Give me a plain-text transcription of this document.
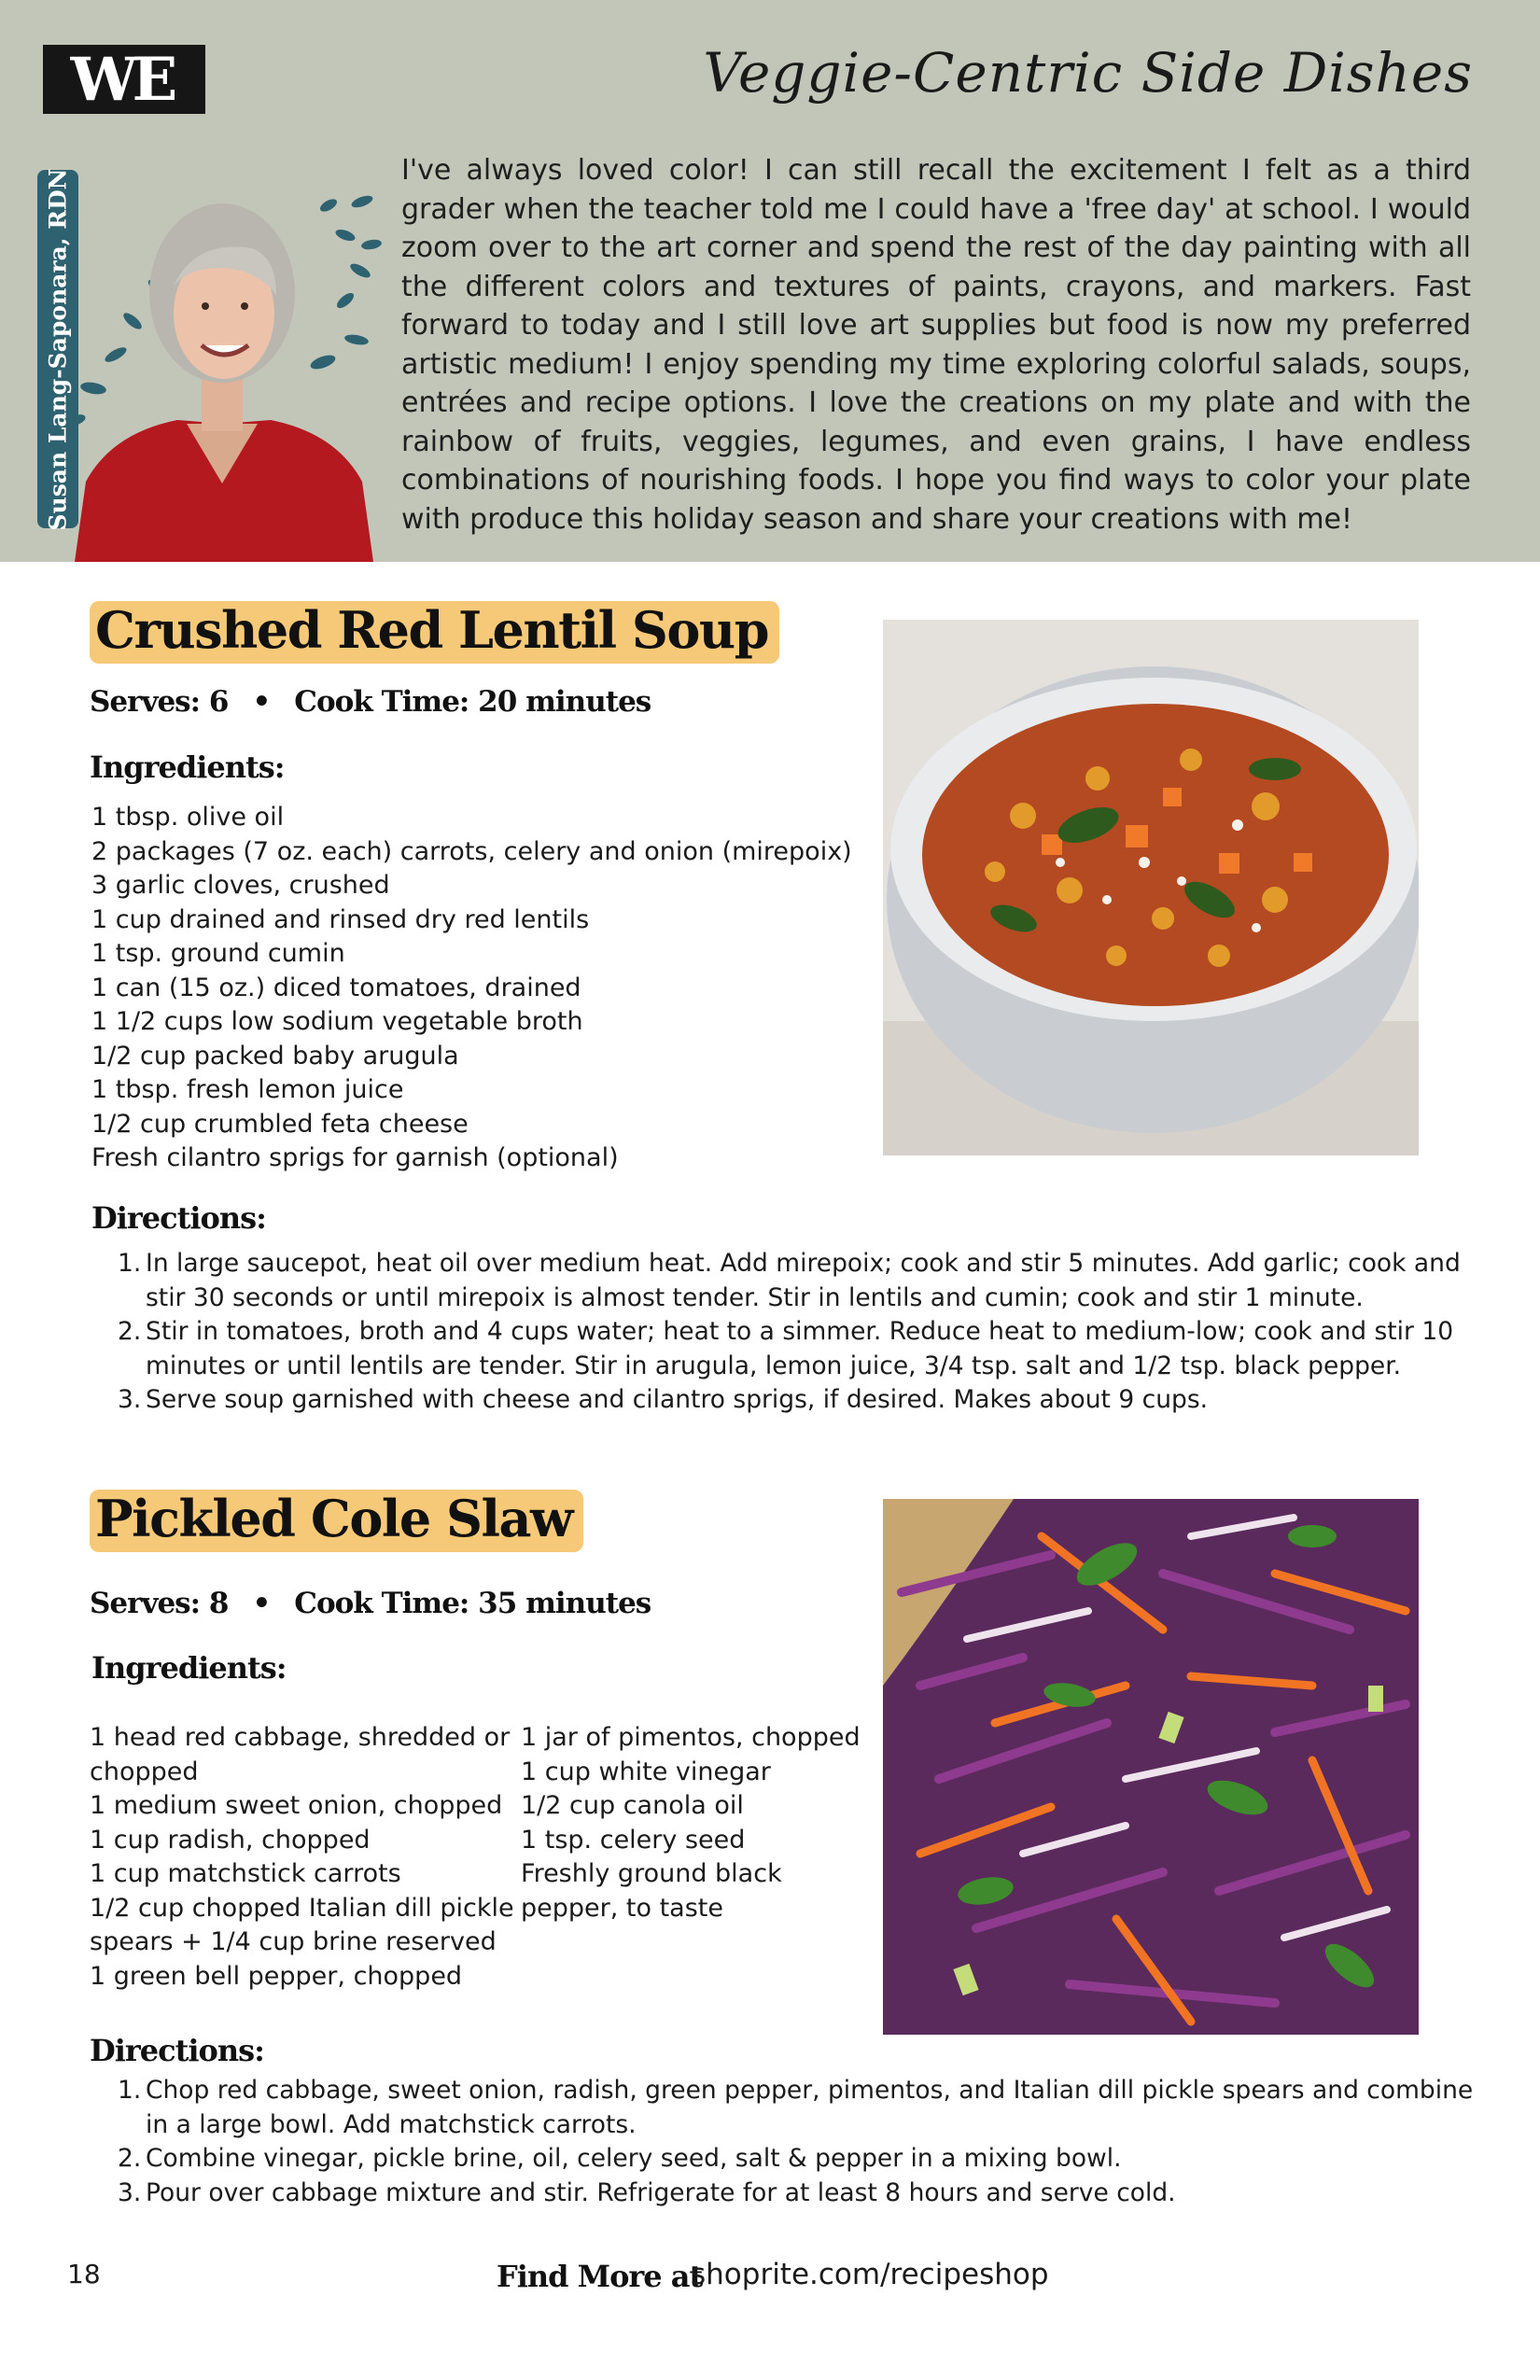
WE	Veggie-Centric Side Dishes
Susan Lang-Saponara, RDN	I've always loved color! I can still recall the excitement I felt as a third grader when the teacher told me I could have a 'free day' at school. I would zoom over to the art corner and spend the rest of the day painting with all the different colors and textures of paints, crayons, and markers. Fast forward to today and I still love art supplies but food is now my preferred artistic medium! I enjoy spending my time exploring colorful salads, soups, entrées and recipe options. I love the creations on my plate and with the rainbow of fruits, veggies, legumes, and even grains, I have endless combinations of nourishing foods. I hope you find ways to color your plate with produce this holiday season and share your creations with me!

Crushed Red Lentil Soup
Serves: 6 • Cook Time: 20 minutes
Ingredients:
1 tbsp. olive oil
2 packages (7 oz. each) carrots, celery and onion (mirepoix)
3 garlic cloves, crushed
1 cup drained and rinsed dry red lentils
1 tsp. ground cumin
1 can (15 oz.) diced tomatoes, drained
1 1/2 cups low sodium vegetable broth
1/2 cup packed baby arugula
1 tbsp. fresh lemon juice
1/2 cup crumbled feta cheese
Fresh cilantro sprigs for garnish (optional)
Directions:
1. In large saucepot, heat oil over medium heat. Add mirepoix; cook and stir 5 minutes. Add garlic; cook and stir 30 seconds or until mirepoix is almost tender. Stir in lentils and cumin; cook and stir 1 minute.
2. Stir in tomatoes, broth and 4 cups water; heat to a simmer. Reduce heat to medium-low; cook and stir 10 minutes or until lentils are tender. Stir in arugula, lemon juice, 3/4 tsp. salt and 1/2 tsp. black pepper.
3. Serve soup garnished with cheese and cilantro sprigs, if desired. Makes about 9 cups.
Pickled Cole Slaw
Serves: 8 • Cook Time: 35 minutes
Ingredients:
1 head red cabbage, shredded or
chopped
1 medium sweet onion, chopped
1 cup radish, chopped
1 cup matchstick carrots
1/2 cup chopped Italian dill pickle
spears + 1/4 cup brine reserved
1 green bell pepper, chopped
1 jar of pimentos, chopped
1 cup white vinegar
1/2 cup canola oil
1 tsp. celery seed
Freshly ground black
pepper, to taste
Directions:
1. Chop red cabbage, sweet onion, radish, green pepper, pimentos, and Italian dill pickle spears and combine in a large bowl. Add matchstick carrots.
2. Combine vinegar, pickle brine, oil, celery seed, salt & pepper in a mixing bowl.
3. Pour over cabbage mixture and stir. Refrigerate for at least 8 hours and serve cold.
18	Find More at
shoprite.com/recipeshop
